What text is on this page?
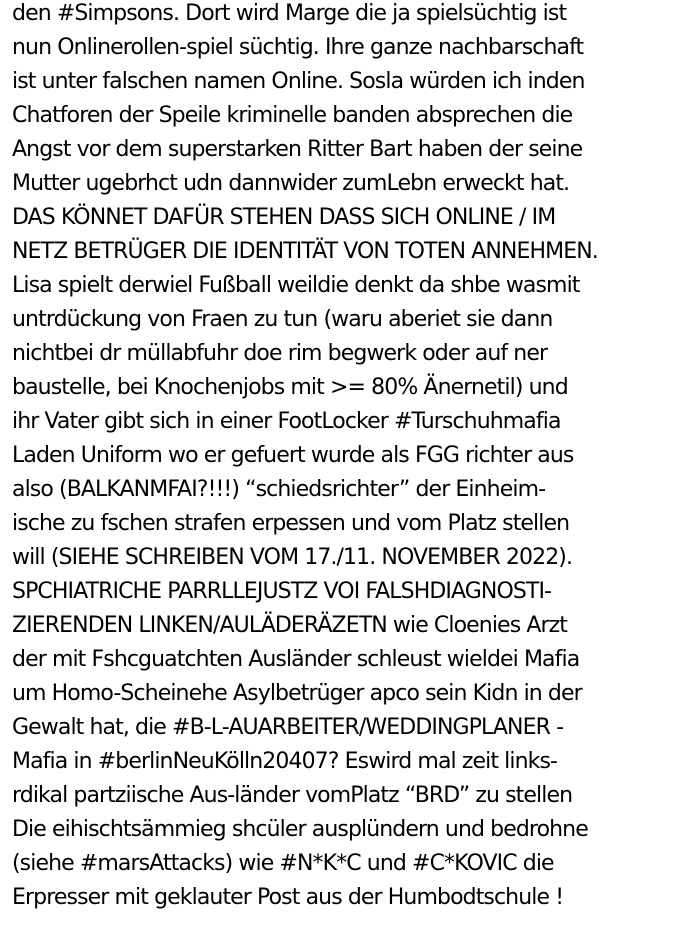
den #Simpsons. Dort wird Marge die ja spielsüchtig ist

nun Onlinerollen-spiel süchtig. Ihre ganze nachbarschaft

ist unter falschen namen Online. Sosla würden ich inden

Chatforen der Speile kriminelle banden absprechen die

Angst vor dem superstarken Ritter Bart haben der seine

Mutter ugebrhct udn dannwider zumLebn erweckt hat.

DAS KÖNNET DAFÜR STEHEN DASS SICH ONLINE / IM

NETZ BETRÜGER DIE IDENTITÄT VON TOTEN ANNEHMEN.

Lisa spielt derwiel Fußball weildie denkt da shbe wasmit

untrdückung von Fraen zu tun (waru aberiet sie dann

nichtbei dr müllabfuhr doe rim begwerk oder auf ner

baustelle, bei Knochenjobs mit >= 80% Änernetil) und

ihr Vater gibt sich in einer FootLocker #Turschuhmafia

Laden Uniform wo er gefuert wurde als FGG richter aus

also (BALKANMFAI?!!!) “schiedsrichter” der Einheim-

ische zu fschen strafen erpessen und vom Platz stellen

will (SIEHE SCHREIBEN VOM 17./11. NOVEMBER 2022).

SPCHIATRICHE PARRLLEJUSTZ VOI FALSHDIAGNOSTI-

ZIERENDEN LINKEN/AULÄDERÄZETN wie Cloenies Arzt

der mit Fshcguatchten Ausländer schleust wieldei Mafia

um Homo-Scheinehe Asylbetrüger apco sein Kidn in der

Gewalt hat, die #B-L-AUARBEITER/WEDDINGPLANER -

Mafia in #berlinNeuKölln20407? Eswird mal zeit links-

rdikal partziische Aus-länder vomPlatz “BRD” zu stellen

Die eihischtsämmieg shcüler ausplündern und bedrohne

(siehe #marsAttacks) wie #N*K*C und #C*KOVIC die

Erpresser mit geklauter Post aus der Humbodtschule !
